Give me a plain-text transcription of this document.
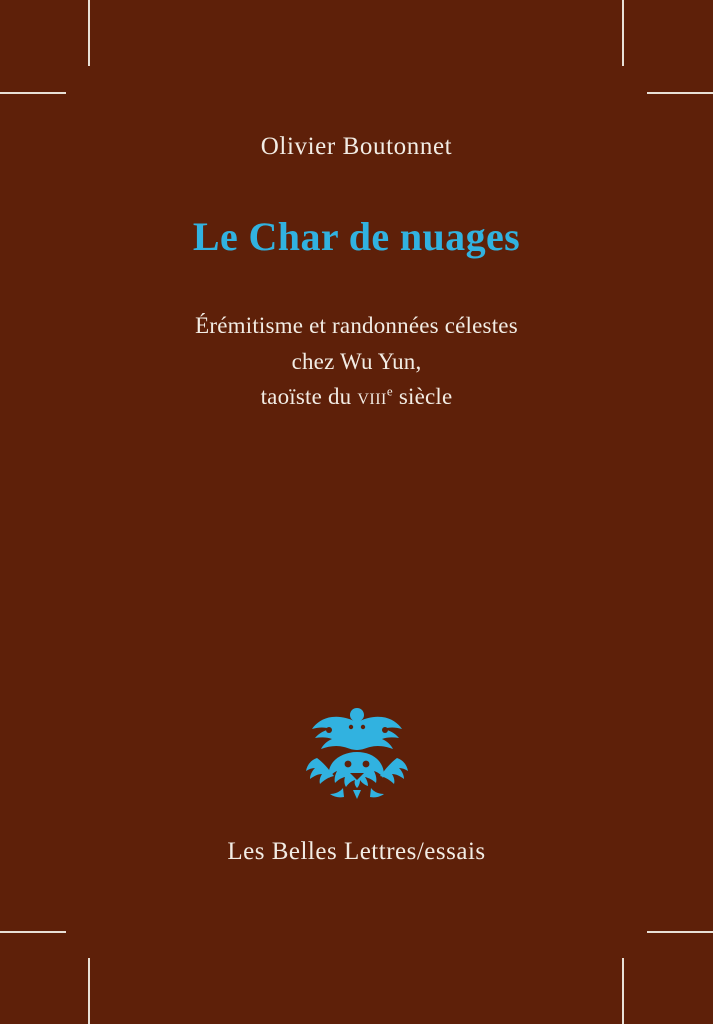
Olivier Boutonnet

Le Char de nuages

Érémitisme et randonnées célestes
chez Wu Yun,
taoïste du viii$^e$ siècle

Les Belles Lettres/essais
